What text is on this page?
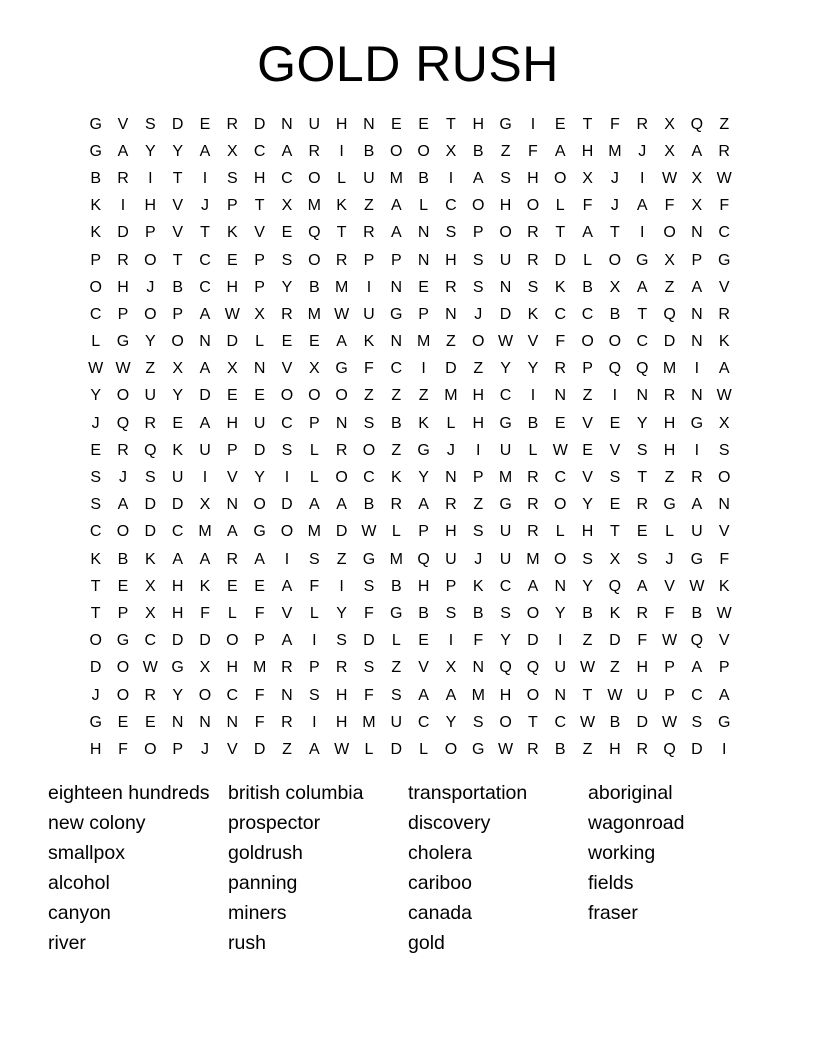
GOLD RUSH
G V	S	D	E	R D N U H N	E	E	T	H G	I	E	T	F	R	X Q	Z
G A	Y	Y	A	X	C	A	R	I	B O O X	B	Z	F	A	H M	J	X	A	R
B	R	I	T	I	S	H C O	L	U M B	I	A	S	H O X	J	I	W X W
K	I	H	V	J	P	T	X M K	Z	A	L	C O H O	L	F	J	A	F	X	F
K	D	P	V	T	K	V	E Q	T	R	A	N	S	P O R	T	A	T	I	O N C
P	R O	T	C	E	P	S O R	P	P	N H	S	U R D	L	O G X	P G
O H	J	B	C H	P	Y	B M	I	N	E	R	S	N	S	K	B	X	A	Z	A	V
C	P O P	A W X	R M W U G P	N	J	D	K	C C	B	T	Q N R
L	G Y O N D	L	E	E	A	K	N M Z	O W V	F	O O C D N	K
W W Z	X	A	X	N	V	X G	F	C	I	D	Z	Y	Y	R	P Q Q M	I	A
Y O U	Y	D	E	E O O O	Z	Z	Z M H C	I	N	Z	I	N R N W
J	Q R	E	A	H U C	P	N	S	B	K	L	H G B	E	V	E	Y	H G X
E	R Q K	U	P	D	S	L	R O	Z	G	J	I	U	L W E	V	S	H	I	S
S	J	S	U	I	V	Y	I	L	O C	K	Y	N	P M R C	V	S	T	Z	R O
S	A	D D	X	N O D	A	A	B	R	A	R	Z	G R O Y	E	R G A	N
C O D C M A G O M D W L	P	H	S	U R	L	H	T	E	L	U	V
K	B	K	A	A	R	A	I	S	Z	G M Q U	J	U M O S	X	S	J	G	F
T	E	X	H	K	E	E	A	F	I	S	B	H	P	K	C	A	N	Y Q A	V W K
T	P	X	H	F	L	F	V	L	Y	F	G B	S	B	S O Y	B	K	R	F	B W
O G C D D O P	A	I	S	D	L	E	I	F	Y	D	I	Z	D	F W Q V
D O W G X	H M R	P	R	S	Z	V	X	N Q Q U W Z	H	P	A	P
J	O R	Y O C	F	N	S	H	F	S	A	A M H O N	T W U	P	C	A
G E	E	N N N	F	R	I	H M U C	Y	S O	T	C W B	D W S G
H	F	O P	J	V	D	Z	A W L	D	L	O G W R	B	Z	H R Q D	I
eighteen hundreds
new colony
smallpox
alcohol
canyon
river
british columbia
prospector
goldrush
panning
miners
rush
transportation
discovery
cholera
cariboo
canada
gold
aboriginal
wagonroad
working
fields
fraser
